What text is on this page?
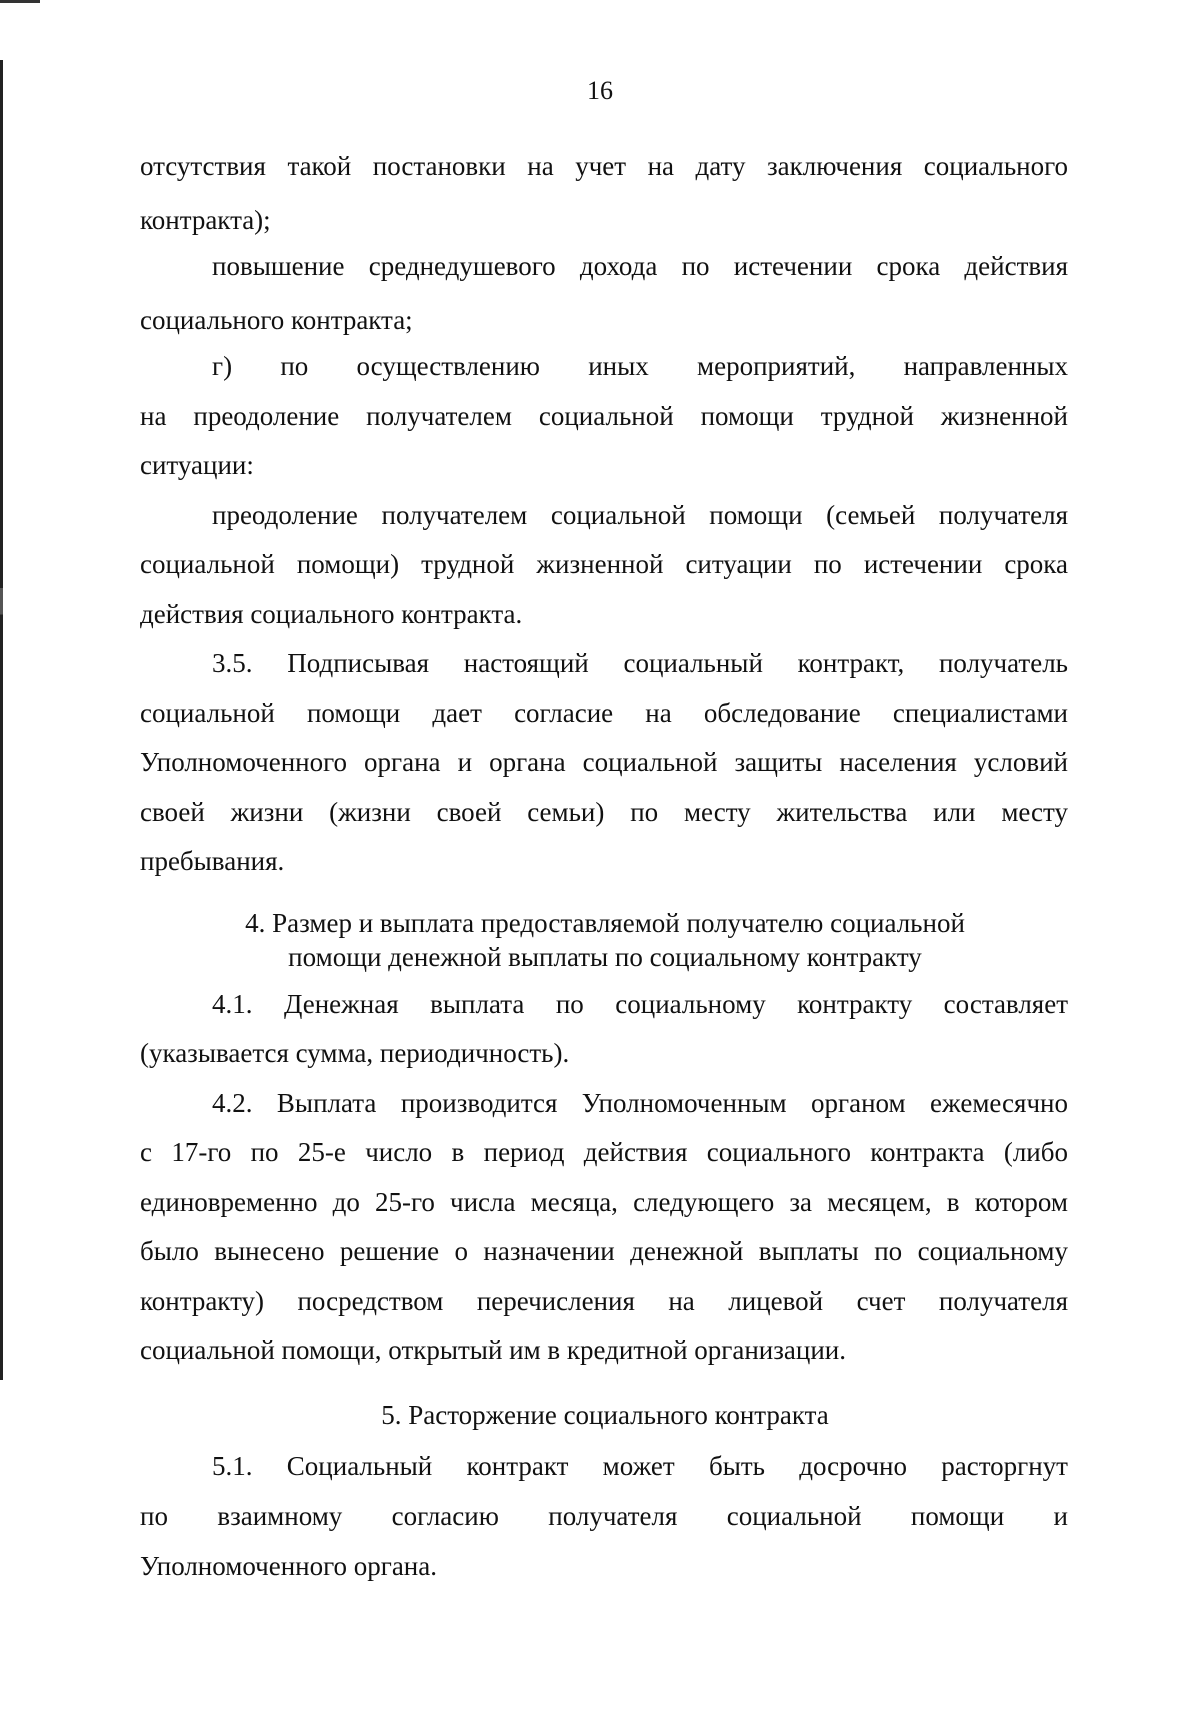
16
отсутствия такой постановки на учет на дату заключения социального
контракта);
повышение среднедушевого дохода по истечении срока действия
социального контракта;
г) по осуществлению иных мероприятий, направленных
на преодоление получателем социальной помощи трудной жизненной
ситуации:
преодоление получателем социальной помощи (семьей получателя
социальной помощи) трудной жизненной ситуации по истечении срока
действия социального контракта.
3.5. Подписывая настоящий социальный контракт, получатель
социальной помощи дает согласие на обследование специалистами
Уполномоченного органа и органа социальной защиты населения условий
своей жизни (жизни своей семьи) по месту жительства или месту
пребывания.
4. Размер и выплата предоставляемой получателю социальной
помощи денежной выплаты по социальному контракту
4.1. Денежная выплата по социальному контракту составляет
(указывается сумма, периодичность).
4.2. Выплата производится Уполномоченным органом ежемесячно
с 17-го по 25-е число в период действия социального контракта (либо
единовременно до 25-го числа месяца, следующего за месяцем, в котором
было вынесено решение о назначении денежной выплаты по социальному
контракту) посредством перечисления на лицевой счет получателя
социальной помощи, открытый им в кредитной организации.
5. Расторжение социального контракта
5.1. Социальный контракт может быть досрочно расторгнут
по взаимному согласию получателя социальной помощи и
Уполномоченного органа.
